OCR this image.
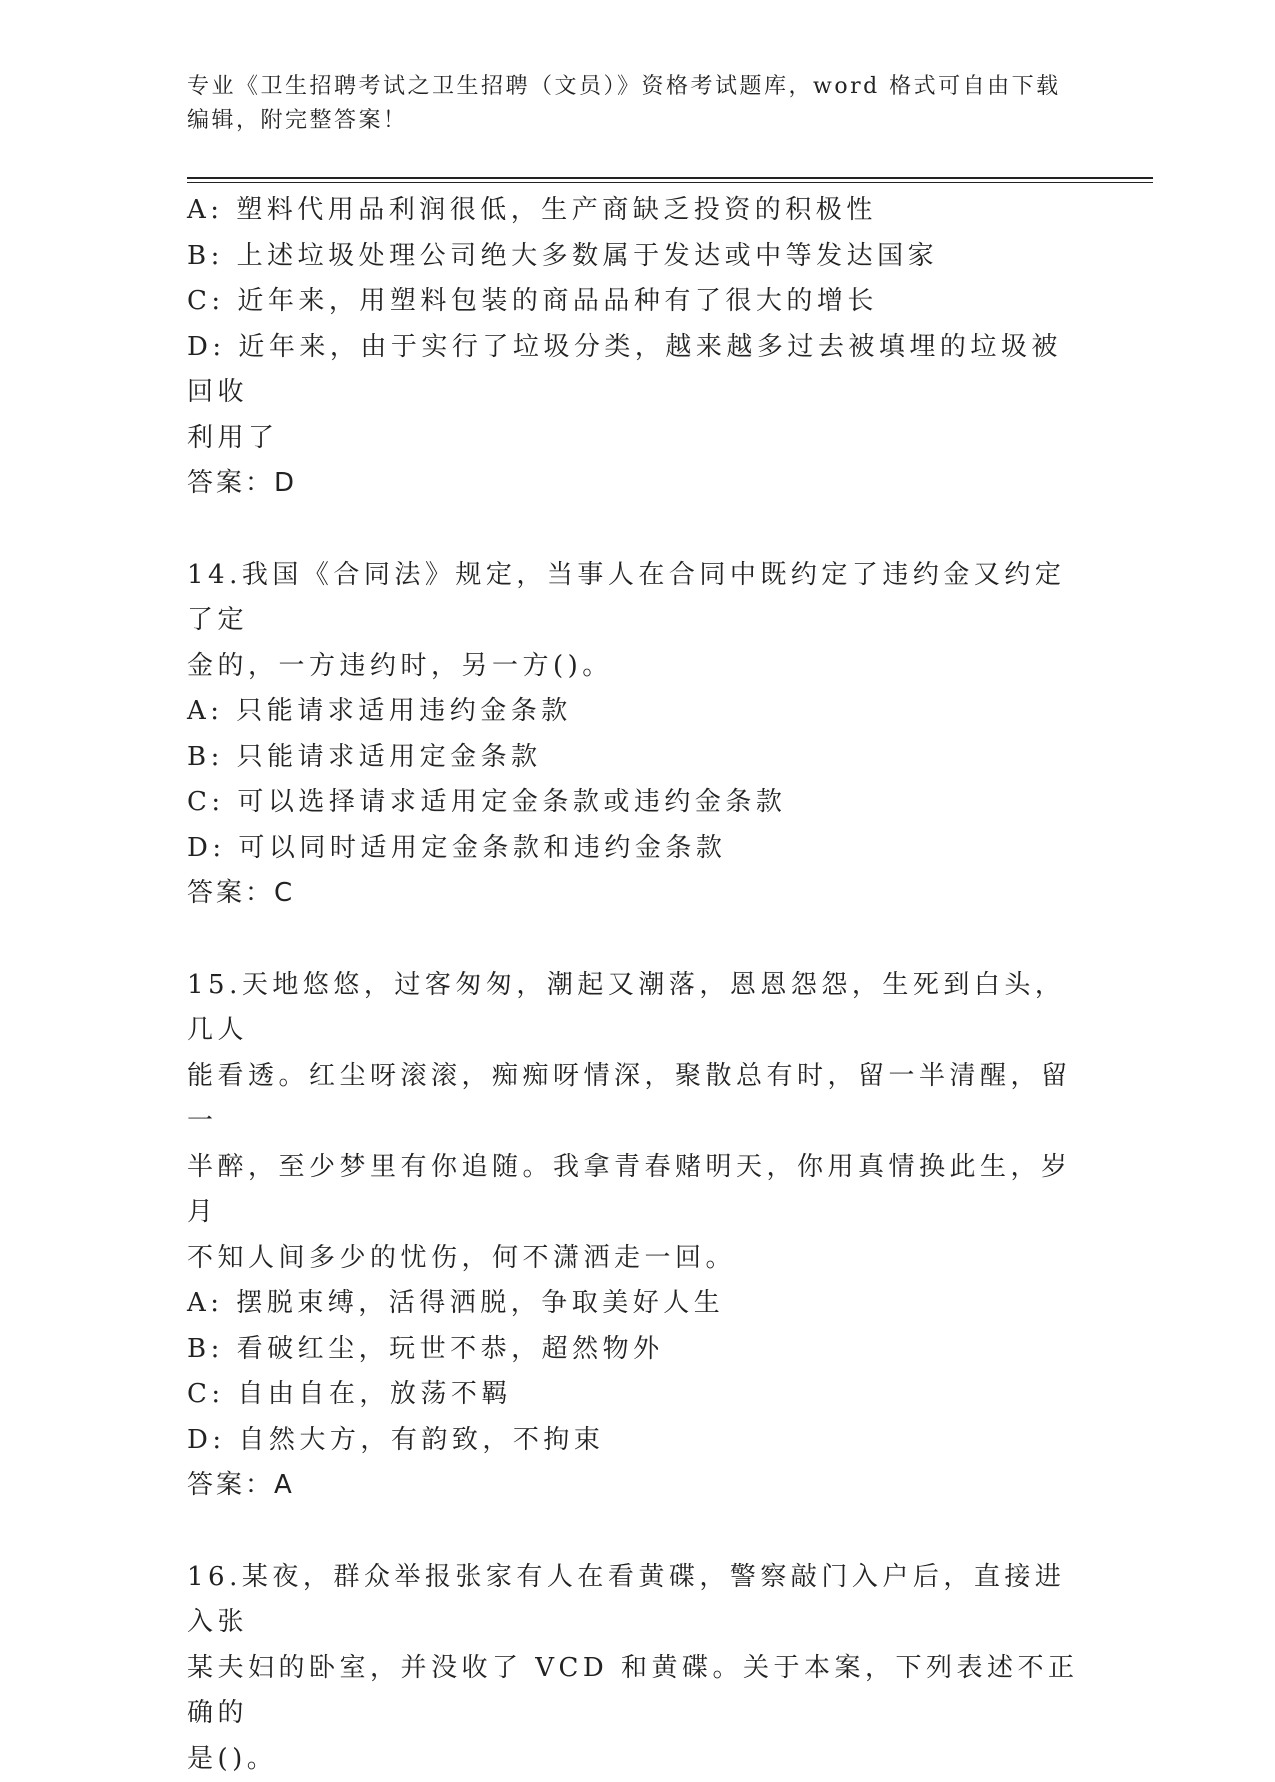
专业《卫生招聘考试之卫生招聘（文员）》资格考试题库，word 格式可自由下载
编辑，附完整答案！
A: 塑料代用品利润很低，生产商缺乏投资的积极性
B: 上述垃圾处理公司绝大多数属于发达或中等发达国家
C: 近年来，用塑料包装的商品品种有了很大的增长
D: 近年来，由于实行了垃圾分类，越来越多过去被填埋的垃圾被回收
利用了
答案：D
14.我国《合同法》规定，当事人在合同中既约定了违约金又约定了定
金的，一方违约时，另一方()。
A: 只能请求适用违约金条款
B: 只能请求适用定金条款
C: 可以选择请求适用定金条款或违约金条款
D: 可以同时适用定金条款和违约金条款
答案：C
15.天地悠悠，过客匆匆，潮起又潮落，恩恩怨怨，生死到白头，几人
能看透。红尘呀滚滚，痴痴呀情深，聚散总有时，留一半清醒，留一
半醉，至少梦里有你追随。我拿青春赌明天，你用真情换此生，岁月
不知人间多少的忧伤，何不潇洒走一回。
A: 摆脱束缚，活得洒脱，争取美好人生
B: 看破红尘，玩世不恭，超然物外
C: 自由自在，放荡不羁
D: 自然大方，有韵致，不拘束
答案：A
16.某夜，群众举报张家有人在看黄碟，警察敲门入户后，直接进入张
某夫妇的卧室，并没收了 VCD 和黄碟。关于本案，下列表述不正确的
是()。
